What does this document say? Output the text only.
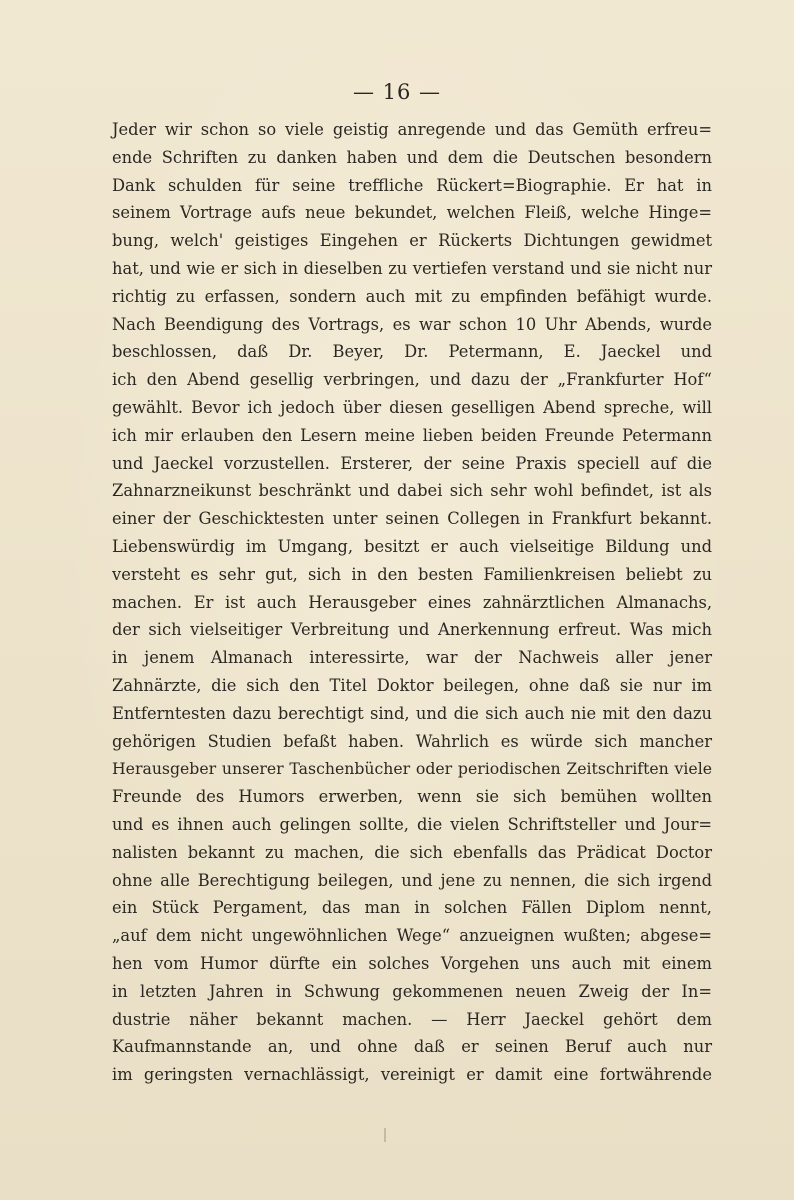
— 16 —
Jeder wir schon so viele geistig anregende und das Gemüth erfreu=
ende Schriften zu danken haben und dem die Deutschen besondern
Dank schulden für seine treffliche Rückert=Biographie. Er hat in
seinem Vortrage aufs neue bekundet, welchen Fleiß, welche Hinge=
bung, welch' geistiges Eingehen er Rückerts Dichtungen gewidmet
hat, und wie er sich in dieselben zu vertiefen verstand und sie nicht nur
richtig zu erfassen, sondern auch mit zu empfinden befähigt wurde.
Nach Beendigung des Vortrags, es war schon 10 Uhr Abends, wurde
beschlossen, daß Dr. Beyer, Dr. Petermann, E. Jaeckel und
ich den Abend gesellig verbringen, und dazu der „Frankfurter Hof“
gewählt. Bevor ich jedoch über diesen geselligen Abend spreche, will
ich mir erlauben den Lesern meine lieben beiden Freunde Petermann
und Jaeckel vorzustellen. Ersterer, der seine Praxis speciell auf die
Zahnarzneikunst beschränkt und dabei sich sehr wohl befindet, ist als
einer der Geschicktesten unter seinen Collegen in Frankfurt bekannt.
Liebenswürdig im Umgang, besitzt er auch vielseitige Bildung und
versteht es sehr gut, sich in den besten Familienkreisen beliebt zu
machen. Er ist auch Herausgeber eines zahnärztlichen Almanachs,
der sich vielseitiger Verbreitung und Anerkennung erfreut. Was mich
in jenem Almanach interessirte, war der Nachweis aller jener
Zahnärzte, die sich den Titel Doktor beilegen, ohne daß sie nur im
Entferntesten dazu berechtigt sind, und die sich auch nie mit den dazu
gehörigen Studien befaßt haben. Wahrlich es würde sich mancher
Herausgeber unserer Taschenbücher oder periodischen Zeitschriften viele
Freunde des Humors erwerben, wenn sie sich bemühen wollten
und es ihnen auch gelingen sollte, die vielen Schriftsteller und Jour=
nalisten bekannt zu machen, die sich ebenfalls das Prädicat Doctor
ohne alle Berechtigung beilegen, und jene zu nennen, die sich irgend
ein Stück Pergament, das man in solchen Fällen Diplom nennt,
„auf dem nicht ungewöhnlichen Wege“ anzueignen wußten; abgese=
hen vom Humor dürfte ein solches Vorgehen uns auch mit einem
in letzten Jahren in Schwung gekommenen neuen Zweig der In=
dustrie näher bekannt machen. — Herr Jaeckel gehört dem
Kaufmannstande an, und ohne daß er seinen Beruf auch nur
im geringsten vernachlässigt, vereinigt er damit eine fortwährende
